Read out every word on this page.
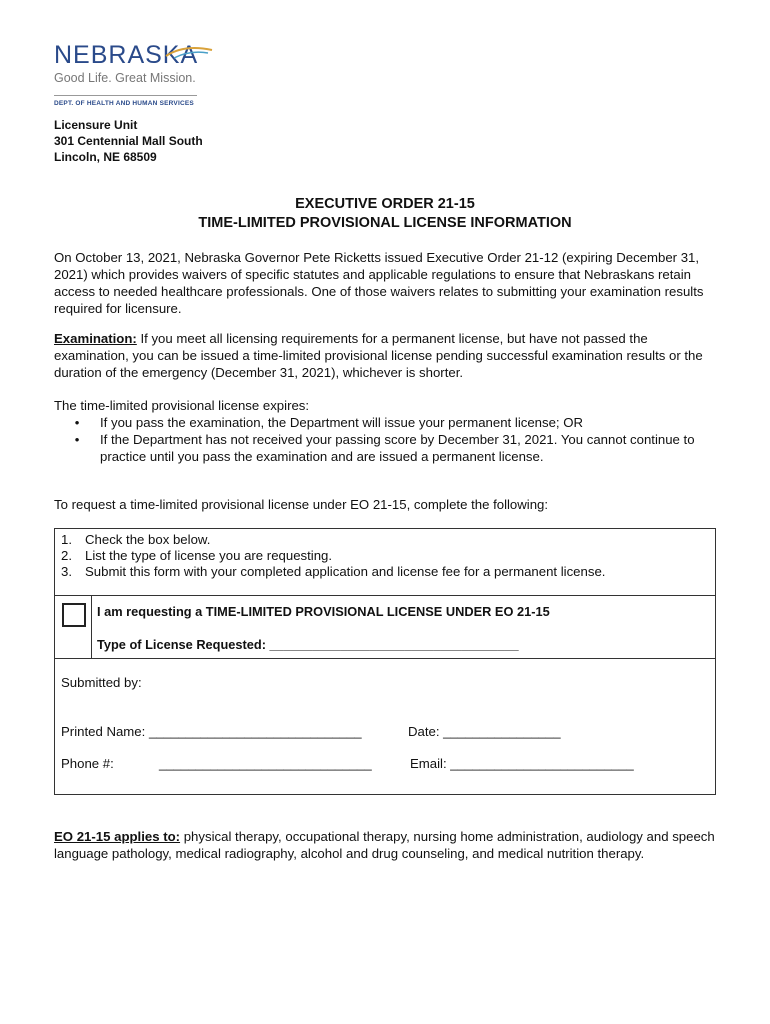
NEBRASKA
Good Life. Great Mission.
DEPT. OF HEALTH AND HUMAN SERVICES
Licensure Unit
301 Centennial Mall South
Lincoln, NE 68509
EXECUTIVE ORDER 21-15
TIME-LIMITED PROVISIONAL LICENSE INFORMATION
On October 13, 2021, Nebraska Governor Pete Ricketts issued Executive Order 21-12 (expiring December 31, 2021) which provides waivers of specific statutes and applicable regulations to ensure that Nebraskans retain access to needed healthcare professionals. One of those waivers relates to submitting your examination results required for licensure.
Examination: If you meet all licensing requirements for a permanent license, but have not passed the examination, you can be issued a time-limited provisional license pending successful examination results or the duration of the emergency (December 31, 2021), whichever is shorter.
The time-limited provisional license expires:
•	If you pass the examination, the Department will issue your permanent license; OR
•	If the Department has not received your passing score by December 31, 2021. You cannot continue to practice until you pass the examination and are issued a permanent license.
To request a time-limited provisional license under EO 21-15, complete the following:
1. Check the box below.
2. List the type of license you are requesting.
3. Submit this form with your completed application and license fee for a permanent license.
I am requesting a TIME-LIMITED PROVISIONAL LICENSE UNDER EO 21-15
Type of License Requested: ___________________________________
Submitted by:
Printed Name: _____________________________	Date: ________________
Phone #:	_____________________________	Email: _________________________
EO 21-15 applies to: physical therapy, occupational therapy, nursing home administration, audiology and speech language pathology, medical radiography, alcohol and drug counseling, and medical nutrition therapy.
